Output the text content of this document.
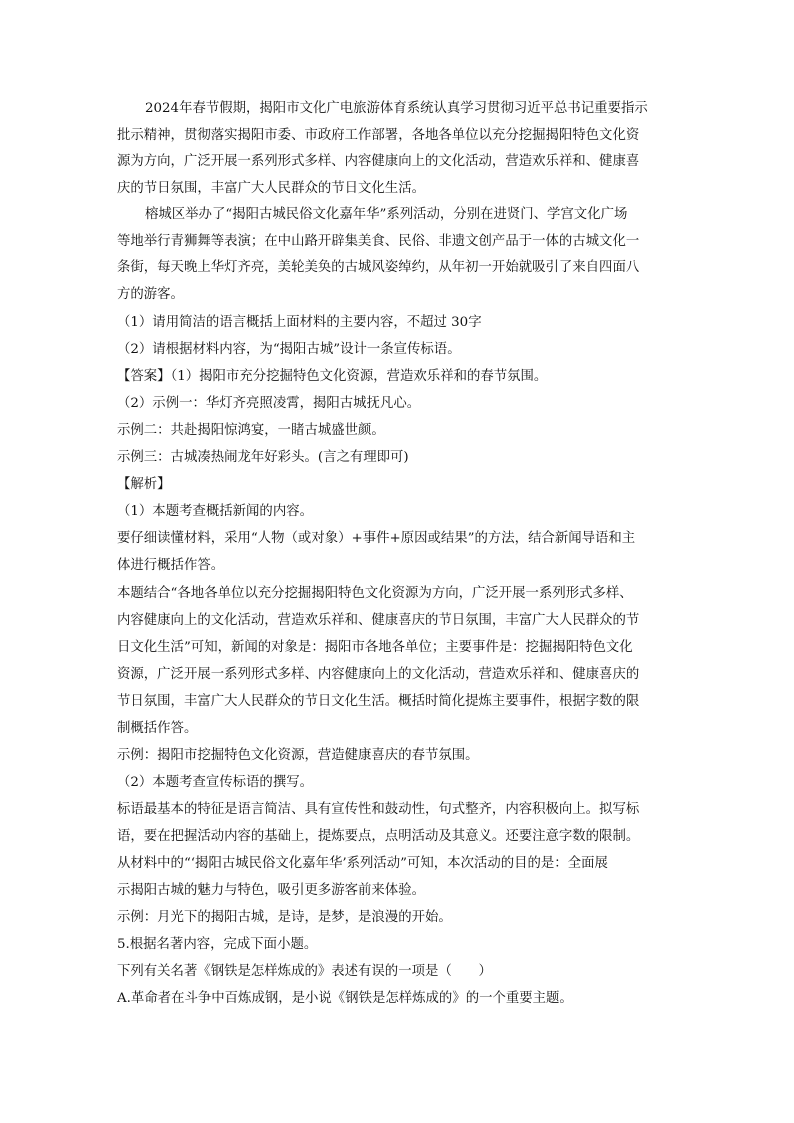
2024年春节假期，揭阳市文化广电旅游体育系统认真学习贯彻习近平总书记重要指示
批示精神，贯彻落实揭阳市委、市政府工作部署，各地各单位以充分挖掘揭阳特色文化资
源为方向，广泛开展一系列形式多样、内容健康向上的文化活动，营造欢乐祥和、健康喜
庆的节日氛围，丰富广大人民群众的节日文化生活。
榕城区举办了“揭阳古城民俗文化嘉年华”系列活动，分别在进贤门、学宫文化广场
等地举行青狮舞等表演；在中山路开辟集美食、民俗、非遗文创产品于一体的古城文化一
条街，每天晚上华灯齐亮，美轮美奂的古城风姿绰约，从年初一开始就吸引了来自四面八
方的游客。

（1）请用简洁的语言概括上面材料的主要内容，不超过 30字

（2）请根据材料内容，为“揭阳古城”设计一条宣传标语。

【答案】（1）揭阳市充分挖掘特色文化资源，营造欢乐祥和的春节氛围。

（2）示例一：华灯齐亮照凌霄，揭阳古城抚凡心。

示例二：共赴揭阳惊鸿宴，一睹古城盛世颜。

示例三：古城凑热闹龙年好彩头。(言之有理即可)

【解析】

（1）本题考查概括新闻的内容。

要仔细读懂材料，采用“人物（或对象）+事件+原因或结果”的方法，结合新闻导语和主

体进行概括作答。

本题结合“各地各单位以充分挖掘揭阳特色文化资源为方向，广泛开展一系列形式多样、

内容健康向上的文化活动，营造欢乐祥和、健康喜庆的节日氛围，丰富广大人民群众的节

日文化生活”可知，新闻的对象是：揭阳市各地各单位；主要事件是：挖掘揭阳特色文化

资源，广泛开展一系列形式多样、内容健康向上的文化活动，营造欢乐祥和、健康喜庆的

节日氛围，丰富广大人民群众的节日文化生活。概括时简化提炼主要事件，根据字数的限

制概括作答。

示例：揭阳市挖掘特色文化资源，营造健康喜庆的春节氛围。

（2）本题考查宣传标语的撰写。

标语最基本的特征是语言简洁、具有宣传性和鼓动性，句式整齐，内容积极向上。拟写标

语，要在把握活动内容的基础上，提炼要点，点明活动及其意义。还要注意字数的限制。

从材料中的“‘揭阳古城民俗文化嘉年华’系列活动”可知，本次活动的目的是：全面展

示揭阳古城的魅力与特色，吸引更多游客前来体验。

示例：月光下的揭阳古城，是诗，是梦，是浪漫的开始。

5.根据名著内容，完成下面小题。

下列有关名著《钢铁是怎样炼成的》表述有误的一项是（　　）

A.革命者在斗争中百炼成钢，是小说《钢铁是怎样炼成的》的一个重要主题。
